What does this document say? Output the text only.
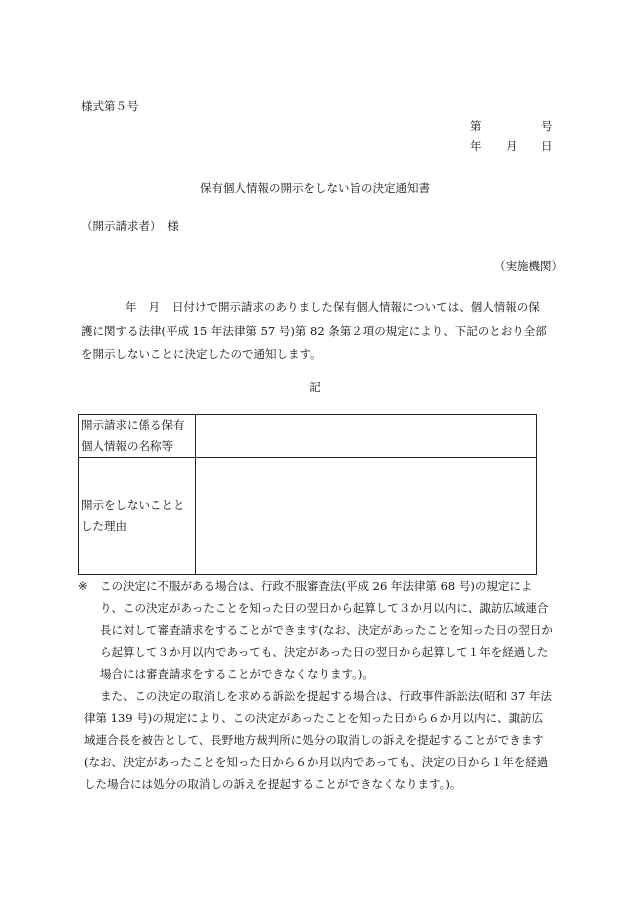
様式第５号
第	号
年 月 日
保有個人情報の開示をしない旨の決定通知書
（開示請求者）　様
（実施機関）
年 月 日付けで開示請求のありました保有個人情報については、個人情報の保護に関する法律(平成 15 年法律第 57 号)第 82 条第２項の規定により、下記のとおり全部を開示しないことに決定したので通知します。
記
開示請求に係る保有個人情報の名称等	
開示をしないこととした理由	
※	この決定に不服がある場合は、行政不服審査法(平成 26 年法律第 68 号)の規定により、この決定があったことを知った日の翌日から起算して３か月以内に、諏訪広域連合長に対して審査請求をすることができます(なお、決定があったことを知った日の翌日から起算して３か月以内であっても、決定があった日の翌日から起算して１年を経過した場合には審査請求をすることができなくなります。)。
また、この決定の取消しを求める訴訟を提起する場合は、行政事件訴訟法(昭和 37 年法律第 139 号)の規定により、この決定があったことを知った日から６か月以内に、諏訪広域連合長を被告として、長野地方裁判所に処分の取消しの訴えを提起することができます(なお、決定があったことを知った日から６か月以内であっても、決定の日から１年を経過した場合には処分の取消しの訴えを提起することができなくなります。)。
